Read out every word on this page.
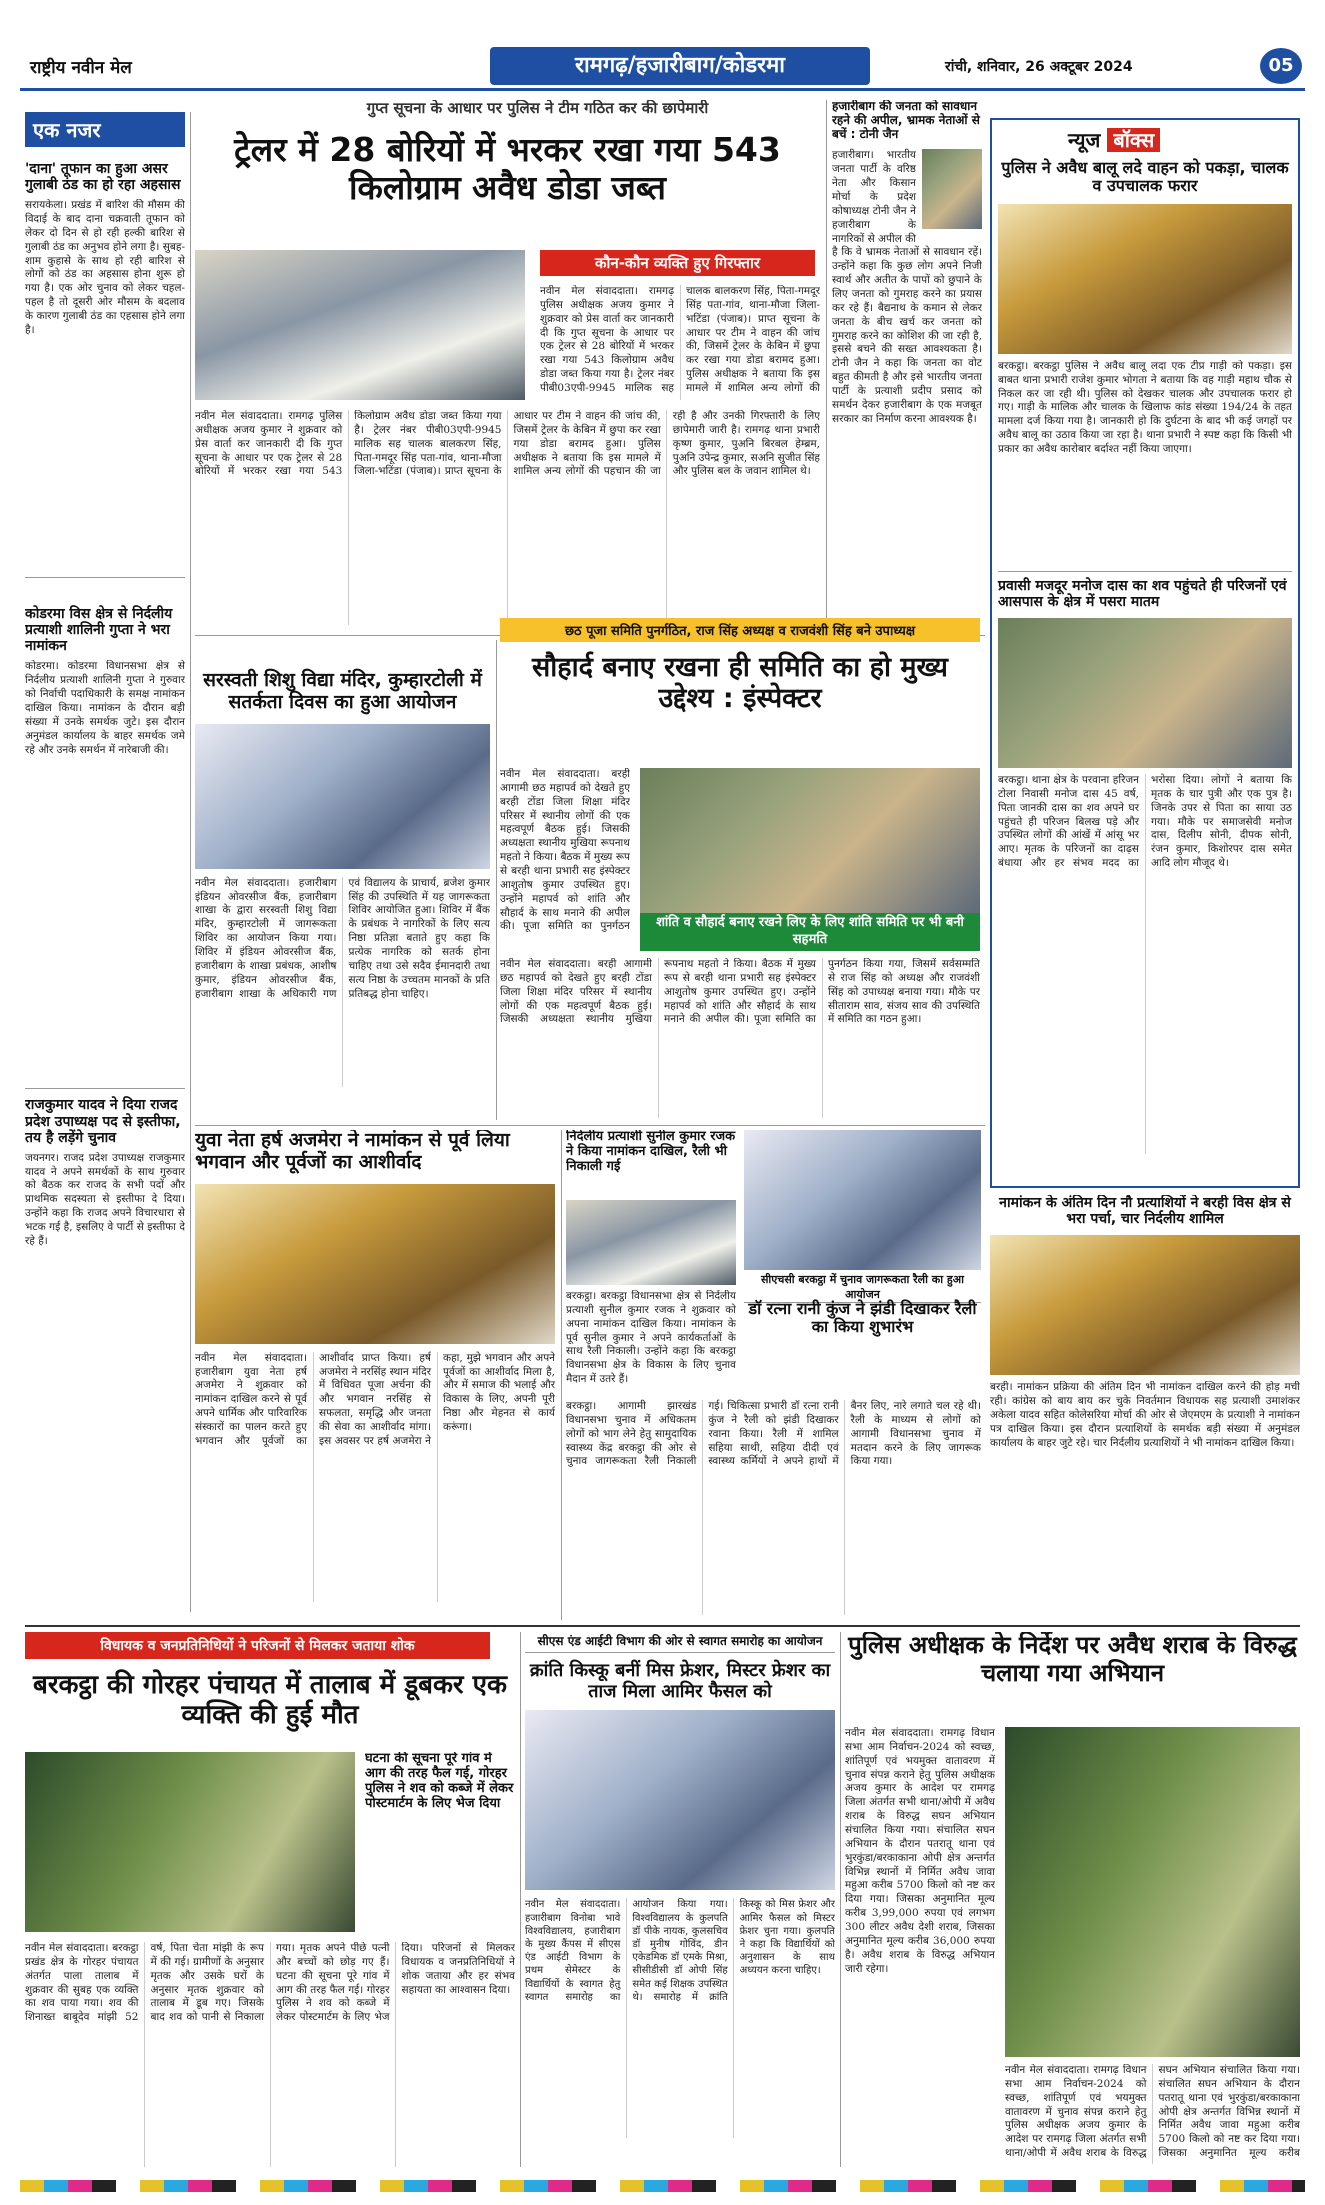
राष्ट्रीय नवीन मेल	रामगढ़/हजारीबाग/कोडरमा	रांची, शनिवार, 26 अक्टूबर 2024	05
एक नजर
'दाना' तूफान का हुआ असर गुलाबी ठंड का हो रहा अहसास
सरायकेला। प्रखंड में बारिश की मौसम की विदाई के बाद दाना चक्रवाती तूफान को लेकर दो दिन से हो रही हल्की बारिश से गुलाबी ठंड का अनुभव होने लगा है। सुबह-शाम कुहासे के साथ हो रही बारिश से लोगों को ठंड का अहसास होना शुरू हो गया है। एक ओर चुनाव को लेकर चहल-पहल है तो दूसरी ओर मौसम के बदलाव के कारण गुलाबी ठंड का एहसास होने लगा है।
कोडरमा विस क्षेत्र से निर्दलीय प्रत्याशी शालिनी गुप्ता ने भरा नामांकन
कोडरमा। कोडरमा विधानसभा क्षेत्र से निर्दलीय प्रत्याशी शालिनी गुप्ता ने गुरुवार को निर्वाची पदाधिकारी के समक्ष नामांकन दाखिल किया। नामांकन के दौरान बड़ी संख्या में उनके समर्थक जुटे। इस दौरान अनुमंडल कार्यालय के बाहर समर्थक जमे रहे और उनके समर्थन में नारेबाजी की।
राजकुमार यादव ने दिया राजद प्रदेश उपाध्यक्ष पद से इस्तीफा, तय है लड़ेंगे चुनाव
जयनगर। राजद प्रदेश उपाध्यक्ष राजकुमार यादव ने अपने समर्थकों के साथ गुरुवार को बैठक कर राजद के सभी पदों और प्राथमिक सदस्यता से इस्तीफा दे दिया। उन्होंने कहा कि राजद अपने विचारधारा से भटक गई है, इसलिए वे पार्टी से इस्तीफा दे रहे हैं।
गुप्त सूचना के आधार पर पुलिस ने टीम गठित कर की छापेमारी
ट्रेलर में 28 बोरियों में भरकर रखा गया 543 किलोग्राम अवैध डोडा जब्त
कौन-कौन व्यक्ति हुए गिरफ्तार
नवीन मेल संवाददाता। रामगढ़ पुलिस अधीक्षक अजय कुमार ने शुक्रवार को प्रेस वार्ता कर जानकारी दी कि गुप्त सूचना के आधार पर एक ट्रेलर से 28 बोरियों में भरकर रखा गया 543 किलोग्राम अवैध डोडा जब्त किया गया है। ट्रेलर नंबर पीबी03एपी-9945 मालिक सह चालक बालकरण सिंह, पिता-गमदूर सिंह पता-गांव, थाना-मौजा जिला-भटिंडा (पंजाब)। प्राप्त सूचना के आधार पर टीम ने वाहन की जांच की, जिसमें ट्रेलर के केबिन में छुपा कर रखा गया डोडा बरामद हुआ। पुलिस अधीक्षक ने बताया कि इस मामले में शामिल अन्य लोगों की
नवीन मेल संवाददाता। रामगढ़ पुलिस अधीक्षक अजय कुमार ने शुक्रवार को प्रेस वार्ता कर जानकारी दी कि गुप्त सूचना के आधार पर एक ट्रेलर से 28 बोरियों में भरकर रखा गया 543 किलोग्राम अवैध डोडा जब्त किया गया है। ट्रेलर नंबर पीबी03एपी-9945 मालिक सह चालक बालकरण सिंह, पिता-गमदूर सिंह पता-गांव, थाना-मौजा जिला-भटिंडा (पंजाब)। प्राप्त सूचना के आधार पर टीम ने वाहन की जांच की, जिसमें ट्रेलर के केबिन में छुपा कर रखा गया डोडा बरामद हुआ। पुलिस अधीक्षक ने बताया कि इस मामले में शामिल अन्य लोगों की पहचान की जा रही है और उनकी गिरफ्तारी के लिए छापेमारी जारी है। रामगढ़ थाना प्रभारी कृष्ण कुमार, पुअनि बिरबल हेम्ब्रम, पुअनि उपेन्द्र कुमार, सअनि सुजीत सिंह और पुलिस बल के जवान शामिल थे।
हजारीबाग की जनता को सावधान रहने की अपील, भ्रामक नेताओं से बचें : टोनी जैन
हजारीबाग। भारतीय जनता पार्टी के वरिष्ठ नेता और किसान मोर्चा के प्रदेश कोषाध्यक्ष टोनी जैन ने हजारीबाग के नागरिकों से अपील की है कि वे भ्रामक नेताओं से सावधान रहें। उन्होंने कहा कि कुछ लोग अपने निजी स्वार्थ और अतीत के पापों को छुपाने के लिए जनता को गुमराह करने का प्रयास कर रहे हैं। बैद्यनाथ के कमान से लेकर जनता के बीच खर्च कर जनता को गुमराह करने का कोशिश की जा रही है, इससे बचने की सख्त आवश्यकता है। टोनी जैन ने कहा कि जनता का वोट बहुत कीमती है और इसे भारतीय जनता पार्टी के प्रत्याशी प्रदीप प्रसाद को समर्थन देकर हजारीबाग के एक मजबूत सरकार का निर्माण करना आवश्यक है।
न्यूज बॉक्स
पुलिस ने अवैध बालू लदे वाहन को पकड़ा, चालक व उपचालक फरार
बरकट्ठा। बरकट्ठा पुलिस ने अवैध बालू लदा एक टीप्र गाड़ी को पकड़ा। इस बाबत थाना प्रभारी राजेश कुमार भोगता ने बताया कि वह गाड़ी महाथ चौक से निकल कर जा रही थी। पुलिस को देखकर चालक और उपचालक फरार हो गए। गाड़ी के मालिक और चालक के खिलाफ कांड संख्या 194/24 के तहत मामला दर्ज किया गया है। जानकारी हो कि दुर्घटना के बाद भी कई जगहों पर अवैध बालू का उठाव किया जा रहा है। थाना प्रभारी ने स्पष्ट कहा कि किसी भी प्रकार का अवैध कारोबार बर्दाश्त नहीं किया जाएगा।
प्रवासी मजदूर मनोज दास का शव पहुंचते ही परिजनों एवं आसपास के क्षेत्र में पसरा मातम
बरकट्ठा। थाना क्षेत्र के परवाना हरिजन टोला निवासी मनोज दास 45 वर्ष, पिता जानकी दास का शव अपने घर पहुंचते ही परिजन बिलख पड़े और उपस्थित लोगों की आंखें में आंसू भर आए। मृतक के परिजनों का दाढ़स बंधाया और हर संभव मदद का भरोसा दिया। लोगों ने बताया कि मृतक के चार पुत्री और एक पुत्र है। जिनके उपर से पिता का साया उठ गया। मौके पर समाजसेवी मनोज दास, दिलीप सोनी, दीपक सोनी, रंजन कुमार, किशोरपर दास समेत आदि लोग मौजूद थे।
सरस्वती शिशु विद्या मंदिर, कुम्हारटोली में सतर्कता दिवस का हुआ आयोजन
नवीन मेल संवाददाता। हजारीबाग इंडियन ओवरसीज बैंक, हजारीबाग शाखा के द्वारा सरस्वती शिशु विद्या मंदिर, कुम्हारटोली में जागरूकता शिविर का आयोजन किया गया। शिविर में इंडियन ओवरसीज बैंक, हजारीबाग के शाखा प्रबंधक, आशीष कुमार, इंडियन ओवरसीज बैंक, हजारीबाग शाखा के अधिकारी गण एवं विद्यालय के प्राचार्य, ब्रजेश कुमार सिंह की उपस्थिति में यह जागरूकता शिविर आयोजित हुआ। शिविर में बैंक के प्रबंधक ने नागरिकों के लिए सत्य निष्ठा प्रतिज्ञा बताते हुए कहा कि प्रत्येक नागरिक को सतर्क होना चाहिए तथा उसे सदैव ईमानदारी तथा सत्य निष्ठा के उच्चतम मानकों के प्रति प्रतिबद्ध होना चाहिए।
छठ पूजा समिति पुनर्गठित, राज सिंह अध्यक्ष व राजवंशी सिंह बने उपाध्यक्ष
सौहार्द बनाए रखना ही समिति का हो मुख्य उद्देश्य : इंस्पेक्टर
नवीन मेल संवाददाता। बरही आगामी छठ महापर्व को देखते हुए बरही टोंडा जिला शिक्षा मंदिर परिसर में स्थानीय लोगों की एक महत्वपूर्ण बैठक हुई। जिसकी अध्यक्षता स्थानीय मुखिया रूपनाथ महतो ने किया। बैठक में मुख्य रूप से बरही थाना प्रभारी सह इंस्पेक्टर आशुतोष कुमार उपस्थित हुए। उन्होंने महापर्व को शांति और सौहार्द के साथ मनाने की अपील की। पूजा समिति का पुनर्गठन	शांति व सौहार्द बनाए रखने लिए के लिए शांति समिति पर भी बनी सहमति
नवीन मेल संवाददाता। बरही आगामी छठ महापर्व को देखते हुए बरही टोंडा जिला शिक्षा मंदिर परिसर में स्थानीय लोगों की एक महत्वपूर्ण बैठक हुई। जिसकी अध्यक्षता स्थानीय मुखिया रूपनाथ महतो ने किया। बैठक में मुख्य रूप से बरही थाना प्रभारी सह इंस्पेक्टर आशुतोष कुमार उपस्थित हुए। उन्होंने महापर्व को शांति और सौहार्द के साथ मनाने की अपील की। पूजा समिति का पुनर्गठन किया गया, जिसमें सर्वसम्मति से राज सिंह को अध्यक्ष और राजवंशी सिंह को उपाध्यक्ष बनाया गया। मौके पर सीताराम साव, संजय साव की उपस्थिति में समिति का गठन हुआ।
युवा नेता हर्ष अजमेरा ने नामांकन से पूर्व लिया भगवान और पूर्वजों का आशीर्वाद
नवीन मेल संवाददाता। हजारीबाग युवा नेता हर्ष अजमेरा ने शुक्रवार को नामांकन दाखिल करने से पूर्व अपने धार्मिक और पारिवारिक संस्कारों का पालन करते हुए भगवान और पूर्वजों का आशीर्वाद प्राप्त किया। हर्ष अजमेरा ने नरसिंह स्थान मंदिर में विधिवत पूजा अर्चना की और भगवान नरसिंह से सफलता, समृद्धि और जनता की सेवा का आशीर्वाद मांगा। इस अवसर पर हर्ष अजमेरा ने कहा, मुझे भगवान और अपने पूर्वजों का आशीर्वाद मिला है, और में समाज की भलाई और विकास के लिए, अपनी पूरी निष्ठा और मेहनत से कार्य करूंगा।
निर्दलीय प्रत्याशी सुनील कुमार रजक ने किया नामांकन दाखिल, रैली भी निकाली गई
बरकट्ठा। बरकट्ठा विधानसभा क्षेत्र से निर्दलीय प्रत्याशी सुनील कुमार रजक ने शुक्रवार को अपना नामांकन दाखिल किया। नामांकन के पूर्व सुनील कुमार ने अपने कार्यकर्ताओं के साथ रैली निकाली। उन्होंने कहा कि बरकट्ठा विधानसभा क्षेत्र के विकास के लिए चुनाव मैदान में उतरे हैं।
सीएचसी बरकट्ठा में चुनाव जागरूकता रैली का हुआ आयोजन
डॉ रत्ना रानी कुंज ने झंडी दिखाकर रैली का किया शुभारंभ
बरकट्ठा। आगामी झारखंड विधानसभा चुनाव में अधिकतम लोगों को भाग लेने हेतु सामुदायिक स्वास्थ्य केंद्र बरकट्ठा की ओर से चुनाव जागरूकता रैली निकाली गई। चिकित्सा प्रभारी डॉ रत्ना रानी कुंज ने रैली को झंडी दिखाकर रवाना किया। रैली में शामिल सहिया साथी, सहिया दीदी एवं स्वास्थ्य कर्मियों ने अपने हाथों में बैनर लिए, नारे लगाते चल रहे थी। रैली के माध्यम से लोगों को आगामी विधानसभा चुनाव में मतदान करने के लिए जागरूक किया गया।
नामांकन के अंतिम दिन नौ प्रत्याशियों ने बरही विस क्षेत्र से भरा पर्चा, चार निर्दलीय शामिल
बरही। नामांकन प्रक्रिया की अंतिम दिन भी नामांकन दाखिल करने की होड़ मची रही। कांग्रेस को बाय बाय कर चुके निवर्तमान विधायक सह प्रत्याशी उमाशंकर अकेला यादव सहित कोलेसरिया मोर्चा की ओर से जेएमएम के प्रत्याशी ने नामांकन पत्र दाखिल किया। इस दौरान प्रत्याशियों के समर्थक बड़ी संख्या में अनुमंडल कार्यालय के बाहर जुटे रहे। चार निर्दलीय प्रत्याशियों ने भी नामांकन दाखिल किया।
विधायक व जनप्रतिनिधियों ने परिजनों से मिलकर जताया शोक
बरकट्ठा की गोरहर पंचायत में तालाब में डूबकर एक व्यक्ति की हुई मौत
घटना की सूचना पूरे गांव में आग की तरह फैल गई, गोरहर पुलिस ने शव को कब्जे में लेकर पोस्टमार्टम के लिए भेज दिया
नवीन मेल संवाददाता। बरकट्ठा प्रखंड क्षेत्र के गोरहर पंचायत अंतर्गत पाला तालाब में शुक्रवार की सुबह एक व्यक्ति का शव पाया गया। शव की शिनाख्त बाबूदेव मांझी 52 वर्ष, पिता चेता मांझी के रूप में की गई। ग्रामीणों के अनुसार मृतक और उसके घरों के अनुसार मृतक शुक्रवार को तालाब में डूब गए। जिसके बाद शव को पानी से निकाला गया। मृतक अपने पीछे पत्नी और बच्चों को छोड़ गए हैं। घटना की सूचना पूरे गांव में आग की तरह फैल गई। गोरहर पुलिस ने शव को कब्जे में लेकर पोस्टमार्टम के लिए भेज दिया। परिजनों से मिलकर विधायक व जनप्रतिनिधियों ने शोक जताया और हर संभव सहायता का आश्वासन दिया।
सीएस एंड आईटी विभाग की ओर से स्वागत समारोह का आयोजन
क्रांति किस्कू बनीं मिस फ्रेशर, मिस्टर फ्रेशर का ताज मिला आमिर फैसल को
नवीन मेल संवाददाता। हजारीबाग विनोबा भावे विश्वविद्यालय, हजारीबाग के मुख्य कैंपस में सीएस एंड आईटी विभाग के प्रथम सेमेस्टर के विद्यार्थियों के स्वागत हेतु स्वागत समारोह का आयोजन किया गया। विश्वविद्यालय के कुलपति डॉ पीके नायक, कुलसचिव डॉ मुनीष गोविंद, डीन एकेडमिक डॉ एमके मिश्रा, सीसीडीसी डॉ ओपी सिंह समेत कई शिक्षक उपस्थित थे। समारोह में क्रांति किस्कू को मिस फ्रेशर और आमिर फैसल को मिस्टर फ्रेशर चुना गया। कुलपति ने कहा कि विद्यार्थियों को अनुशासन के साथ अध्ययन करना चाहिए।
पुलिस अधीक्षक के निर्देश पर अवैध शराब के विरुद्ध चलाया गया अभियान
नवीन मेल संवाददाता। रामगढ़ विधान सभा आम निर्वाचन-2024 को स्वच्छ, शांतिपूर्ण एवं भयमुक्त वातावरण में चुनाव संपन्न कराने हेतु पुलिस अधीक्षक अजय कुमार के आदेश पर रामगढ़ जिला अंतर्गत सभी थाना/ओपी में अवैध शराब के विरुद्ध सघन अभियान संचालित किया गया। संचालित सघन अभियान के दौरान पतरातू थाना एवं भुरकुंडा/बरकाकाना ओपी क्षेत्र अन्तर्गत विभिन्न स्थानों में निर्मित अवैध जावा महुआ करीब 5700 किलो को नष्ट कर दिया गया। जिसका अनुमानित मूल्य करीब 3,99,000 रुपया एवं लगभग 300 लीटर अवैध देशी शराब, जिसका अनुमानित मूल्य करीब 36,000 रुपया है। अवैध शराब के विरुद्ध अभियान जारी रहेगा।
नवीन मेल संवाददाता। रामगढ़ विधान सभा आम निर्वाचन-2024 को स्वच्छ, शांतिपूर्ण एवं भयमुक्त वातावरण में चुनाव संपन्न कराने हेतु पुलिस अधीक्षक अजय कुमार के आदेश पर रामगढ़ जिला अंतर्गत सभी थाना/ओपी में अवैध शराब के विरुद्ध सघन अभियान संचालित किया गया। संचालित सघन अभियान के दौरान पतरातू थाना एवं भुरकुंडा/बरकाकाना ओपी क्षेत्र अन्तर्गत विभिन्न स्थानों में निर्मित अवैध जावा महुआ करीब 5700 किलो को नष्ट कर दिया गया। जिसका अनुमानित मूल्य करीब
